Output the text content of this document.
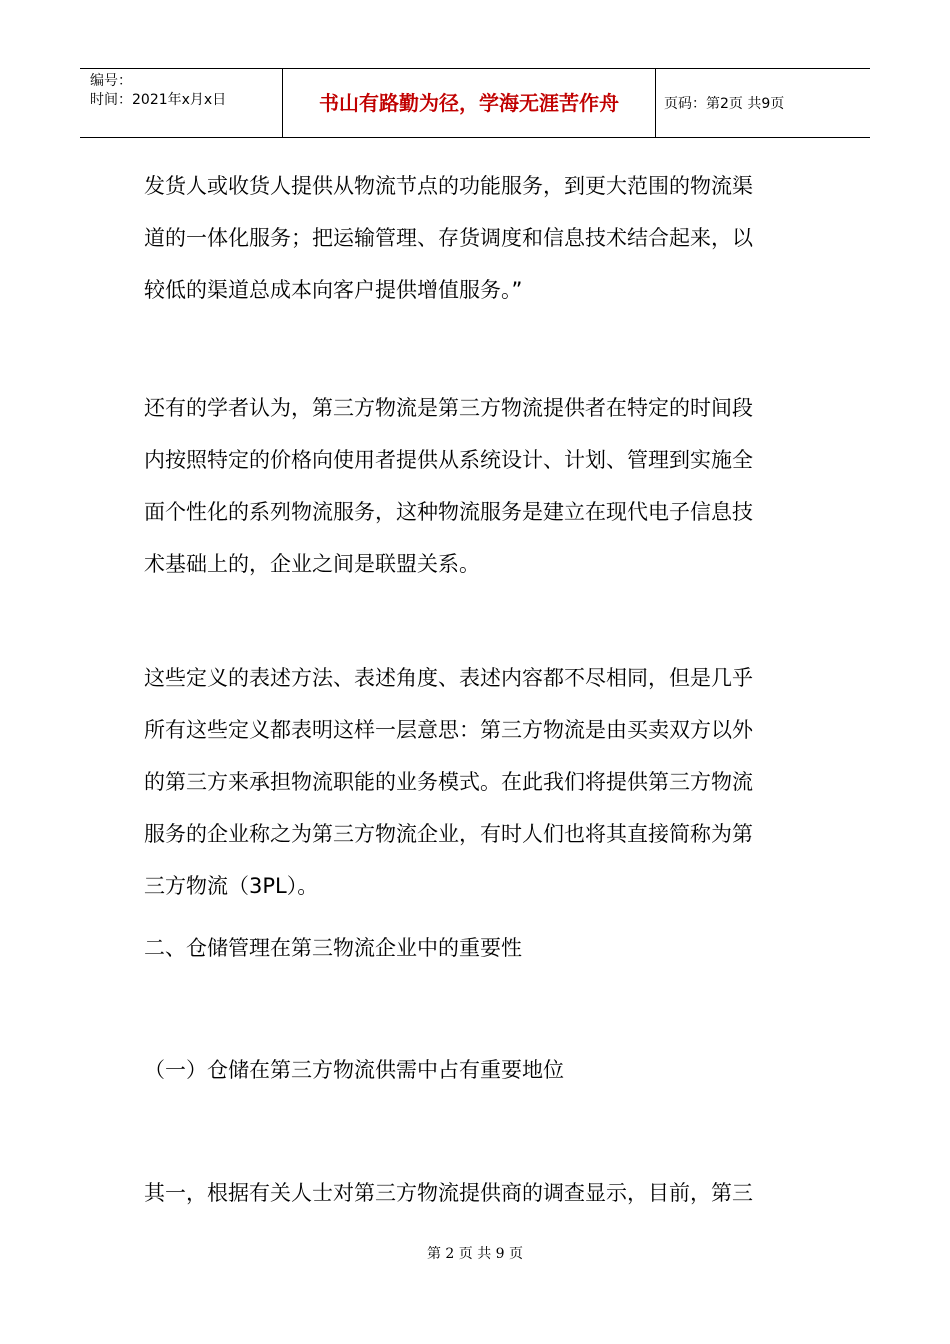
编号：
时间：2021年x月x日	书山有路勤为径，学海无涯苦作舟	页码：第2页 共9页
发货人或收货人提供从物流节点的功能服务，到更大范围的物流渠
道的一体化服务；把运输管理、存货调度和信息技术结合起来，以
较低的渠道总成本向客户提供增值服务。”
还有的学者认为，第三方物流是第三方物流提供者在特定的时间段
内按照特定的价格向使用者提供从系统设计、计划、管理到实施全
面个性化的系列物流服务，这种物流服务是建立在现代电子信息技
术基础上的，企业之间是联盟关系。
这些定义的表述方法、表述角度、表述内容都不尽相同，但是几乎
所有这些定义都表明这样一层意思：第三方物流是由买卖双方以外
的第三方来承担物流职能的业务模式。在此我们将提供第三方物流
服务的企业称之为第三方物流企业，有时人们也将其直接简称为第
三方物流（3PL）。
二、仓储管理在第三物流企业中的重要性
（一）仓储在第三方物流供需中占有重要地位
其一，根据有关人士对第三方物流提供商的调查显示，目前，第三
第 2 页 共 9 页
